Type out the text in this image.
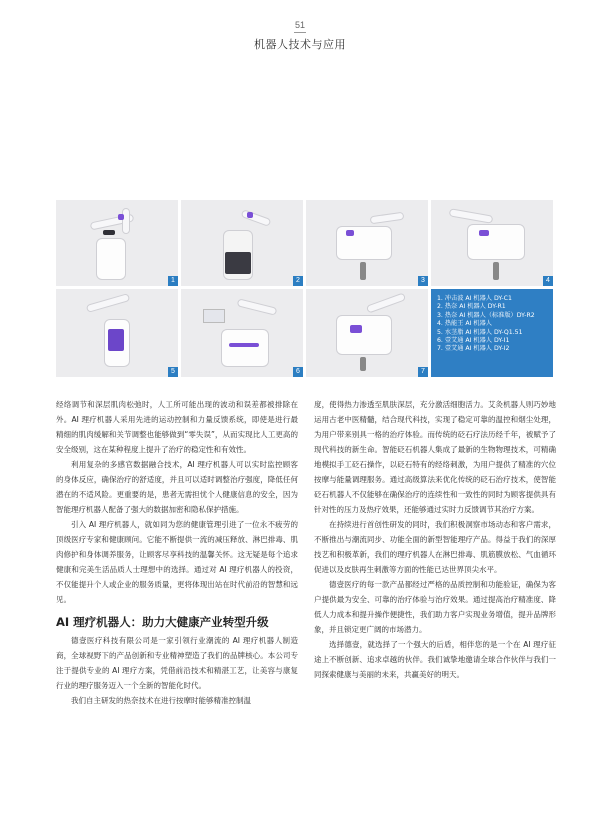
51
机器人技术与应用
1	2	3	4
5	6	7
1. 冲击波 AI 机器人 DY-C1
2. 热奈 AI 机器人 DY-R1
3. 热奈 AI 机器人（标准版）DY-R2
4. 热能王 AI 机器人
5. 水茎脂 AI 机器人 DY-Q1.51
6. 壹艾通 AI 机器人 DY-I1
7. 壹艾通 AI 机器人 DY-I2

经络调节和深层肌肉松弛时，人工所可能出现的波动和误差都被排除在外。AI 理疗机器人采用先进的运动控制和力量反馈系统，即使是进行最精细的肌肉缓解和关节调整也能够做到“零失误”，从而实现比人工更高的安全级别，这在某种程度上提升了治疗的稳定性和有效性。

利用复杂的多感官数据融合技术，AI 理疗机器人可以实时监控顾客的身体反应，确保治疗的舒适度，并且可以适时调整治疗强度，降低任何潜在的不适风险。更重要的是，患者无需担忧个人健康信息的安全，因为智能理疗机器人配备了强大的数据加密和隐私保护措施。

引入 AI 理疗机器人，就如同为您的健康管理引进了一位永不疲劳的顶级医疗专家和健康顾问。它能不断提供一流的减压释放、淋巴排毒、肌肉修护和身体调养服务，让顾客尽享科技的温馨关怀。这无疑是每个追求健康和完美生活品质人士理想中的选择。通过对 AI 理疗机器人的投资，不仅能提升个人或企业的服务质量，更将体现出站在时代前沿的智慧和远见。

AI 理疗机器人：助力大健康产业转型升级

德壹医疗科技有限公司是一家引领行业潮流的 AI 理疗机器人制造商，全球视野下的产品创新和专业精神塑造了我们的品牌核心。本公司专注于提供专业的 AI 理疗方案，凭借前沿技术和精湛工艺，让美容与康复行业的理疗服务迈入一个全新的智能化时代。

我们自主研发的热奈技术在进行按摩时能够精准控制温

度，使得热力渗透至肌肤深层，充分激活细胞活力。艾灸机器人则巧妙地运用古老中医精髓，结合现代科技，实现了稳定可靠的温控和烟尘处理，为用户带来别具一格的治疗体验。而传统的砭石疗法历经千年，被赋予了现代科技的新生命。智能砭石机器人集成了最新的生物物理技术，可精确地模拟手工砭石操作，以砭石特有的经络刺激，为用户提供了精准的穴位按摩与能量调理服务。通过高级算法来优化传统的砭石治疗技术，使智能砭石机器人不仅能够在确保治疗的连续性和一致性的同时为顾客提供具有针对性的压力及热疗效果，还能够通过实时力反馈调节其治疗方案。

在持续进行首创性研发的同时，我们积极洞察市场动态和客户需求，不断推出与潮流同步、功能全面的新型智能理疗产品。得益于我们的深厚技艺和积极革新，我们的理疗机器人在淋巴排毒、肌筋膜放松、气血循环促进以及皮肤再生刺激等方面的性能已达世界顶尖水平。

德壹医疗的每一款产品都经过严格的品质控制和功能验证，确保为客户提供最为安全、可靠的治疗体验与治疗效果。通过提高治疗精准度、降低人力成本和提升操作便捷性，我们助力客户实现业务增值，提升品牌形象，并且锁定更广阔的市场潜力。

选择德壹，就选择了一个强大的后盾，相伴您的是一个在 AI 理疗征途上不断创新、追求卓越的伙伴。我们诚挚地邀请全球合作伙伴与我们一同探索健康与美丽的未来，共赢美好的明天。
